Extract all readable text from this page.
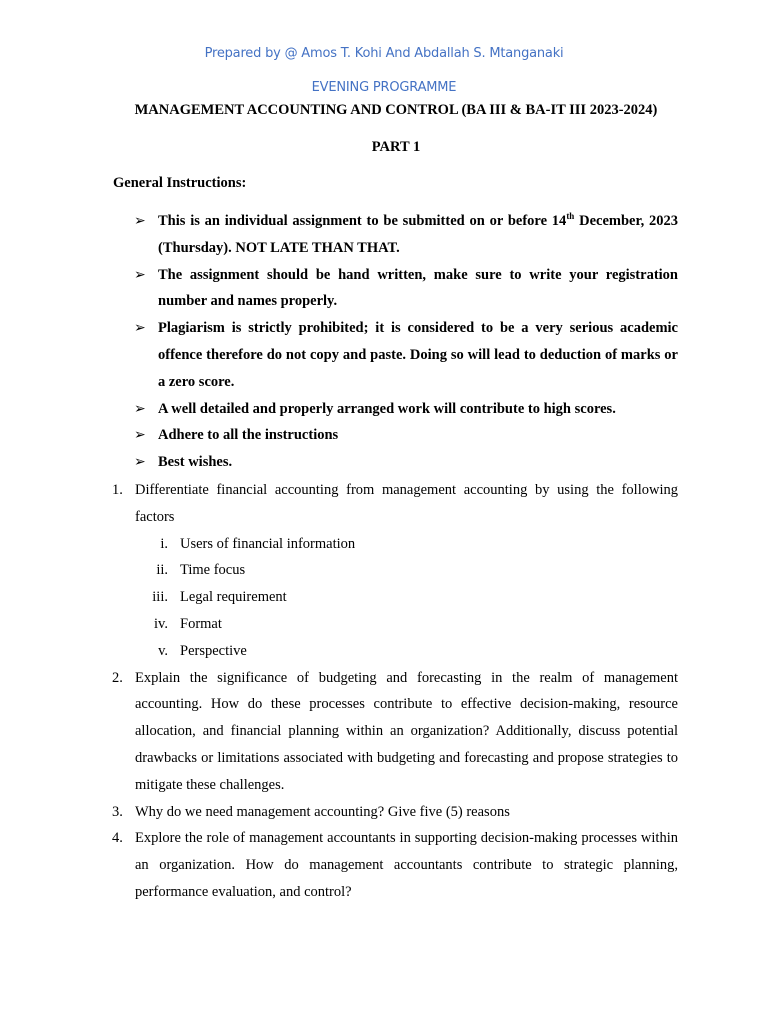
Prepared by @ Amos T. Kohi And Abdallah S. Mtanganaki
EVENING PROGRAMME
MANAGEMENT ACCOUNTING AND CONTROL (BA III & BA-IT III 2023-2024)
PART 1
General Instructions:
➢ This is an individual assignment to be submitted on or before 14th December, 2023 (Thursday). NOT LATE THAN THAT.
➢ The assignment should be hand written, make sure to write your registration number and names properly.
➢ Plagiarism is strictly prohibited; it is considered to be a very serious academic offence therefore do not copy and paste. Doing so will lead to deduction of marks or a zero score.
➢ A well detailed and properly arranged work will contribute to high scores.
➢ Adhere to all the instructions
➢ Best wishes.
1. Differentiate financial accounting from management accounting by using the following factors
i. Users of financial information
ii. Time focus
iii. Legal requirement
iv. Format
v. Perspective
2. Explain the significance of budgeting and forecasting in the realm of management accounting. How do these processes contribute to effective decision-making, resource allocation, and financial planning within an organization? Additionally, discuss potential drawbacks or limitations associated with budgeting and forecasting and propose strategies to mitigate these challenges.
3. Why do we need management accounting? Give five (5) reasons
4. Explore the role of management accountants in supporting decision-making processes within an organization. How do management accountants contribute to strategic planning, performance evaluation, and control?
